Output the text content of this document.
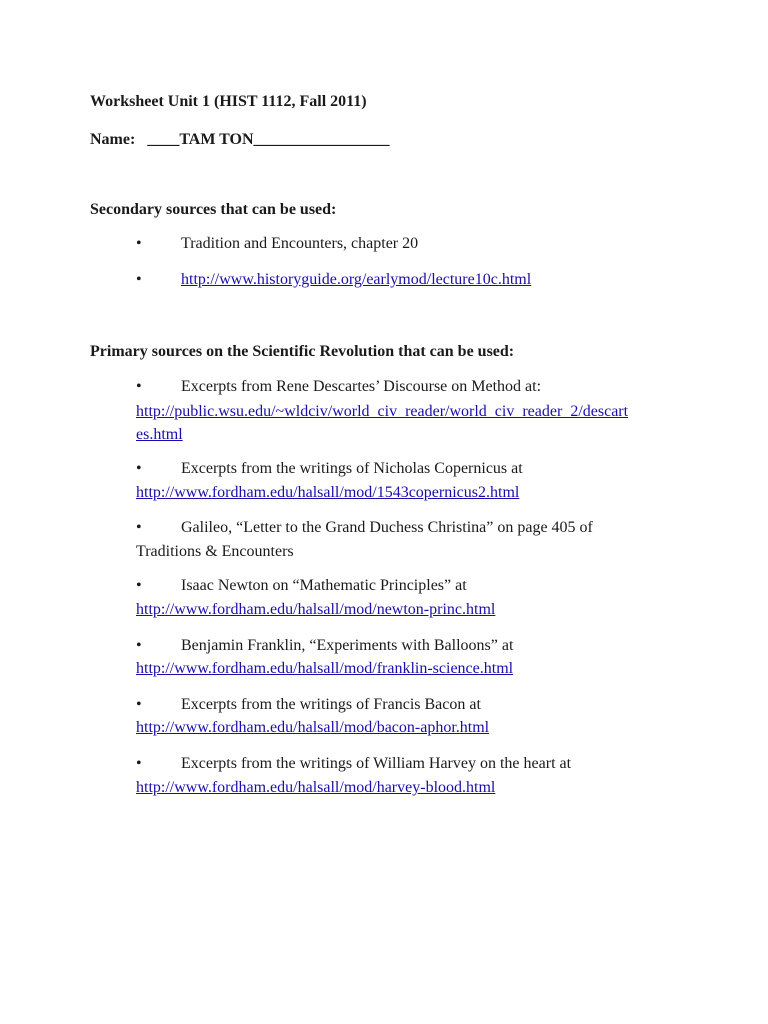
Worksheet Unit 1 (HIST 1112, Fall 2011)
Name: ____TAM TON_________________
Secondary sources that can be used:
• Tradition and Encounters, chapter 20
• http://www.historyguide.org/earlymod/lecture10c.html
Primary sources on the Scientific Revolution that can be used:
• Excerpts from Rene Descartes’ Discourse on Method at:
http://public.wsu.edu/~wldciv/world_civ_reader/world_civ_reader_2/descart
es.html
• Excerpts from the writings of Nicholas Copernicus at
http://www.fordham.edu/halsall/mod/1543copernicus2.html
• Galileo, “Letter to the Grand Duchess Christina” on page 405 of
Traditions & Encounters
• Isaac Newton on “Mathematic Principles” at
http://www.fordham.edu/halsall/mod/newton-princ.html
• Benjamin Franklin, “Experiments with Balloons” at
http://www.fordham.edu/halsall/mod/franklin-science.html
• Excerpts from the writings of Francis Bacon at
http://www.fordham.edu/halsall/mod/bacon-aphor.html
• Excerpts from the writings of William Harvey on the heart at
http://www.fordham.edu/halsall/mod/harvey-blood.html
